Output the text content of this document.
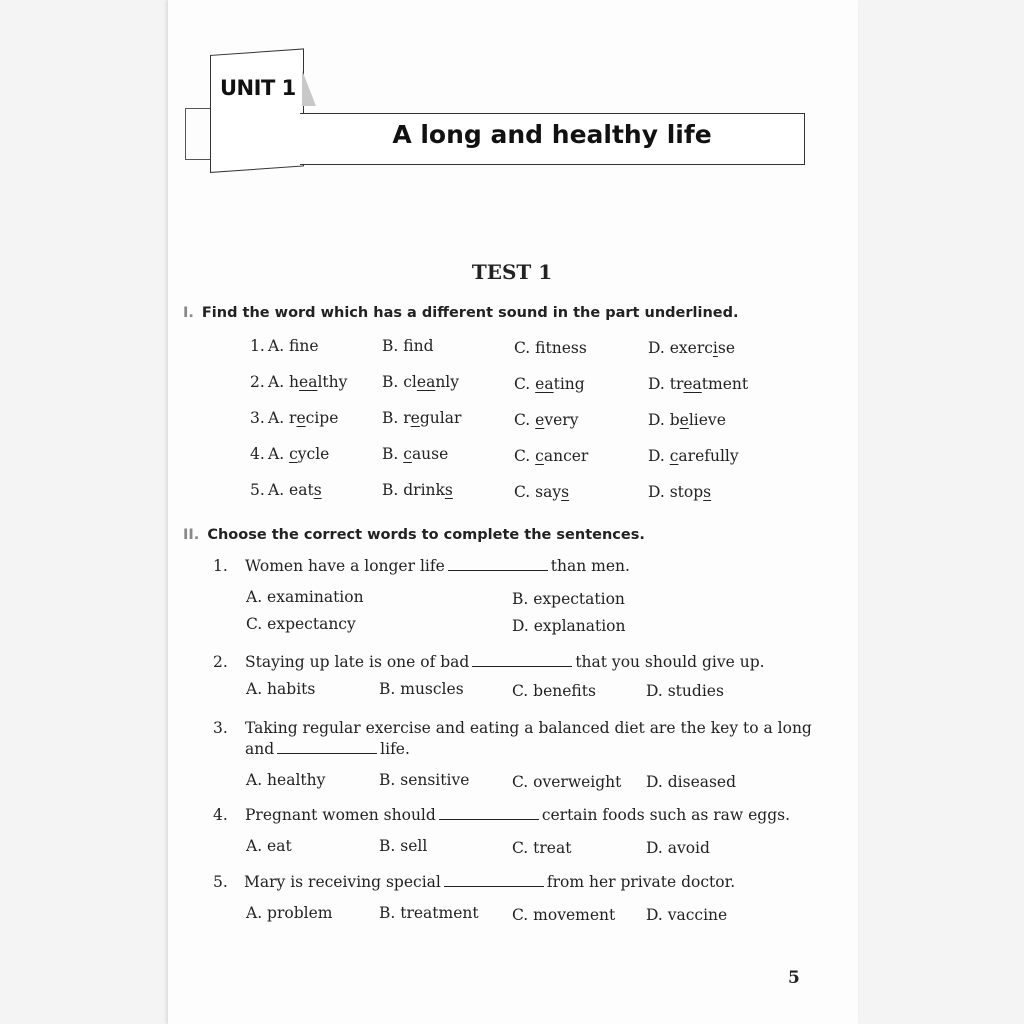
UNIT 1
A long and healthy life
TEST 1
I. Find the word which has a different sound in the part underlined.
1. A. fne	B. fnd	C. ftness	D. exercise
2. A. healthy B. cleanly	C. eating	D. treatment
3. A. recipe	B. regular	C. every	D. believe
4. A. cycle	B. cause	C. cancer	D. carefully
5. A. eats	B. drinks	C. says	D. stops
II. Choose the correct words to complete the sentences.
1. Women have a longer life	than men.
A. examination	B. expectation
C. expectancy	D. explanation
2. Staying up late is one of bad	that you should give up.
3. Taking regular exercise and eating a balanced diet are the key to a long
and	life.
4. Pregnant women should	certain foods such as raw eggs.
5. Mary is receiving special	from her private doctor.
5
A. habits	B. muscles	C. benefits	D. studies
A. healthy	B. sensitive	C. overweight D. diseased
A. eat	B. sell	C. treat	D. avoid
A. problem	B. treatment C. movement D. vaccine
